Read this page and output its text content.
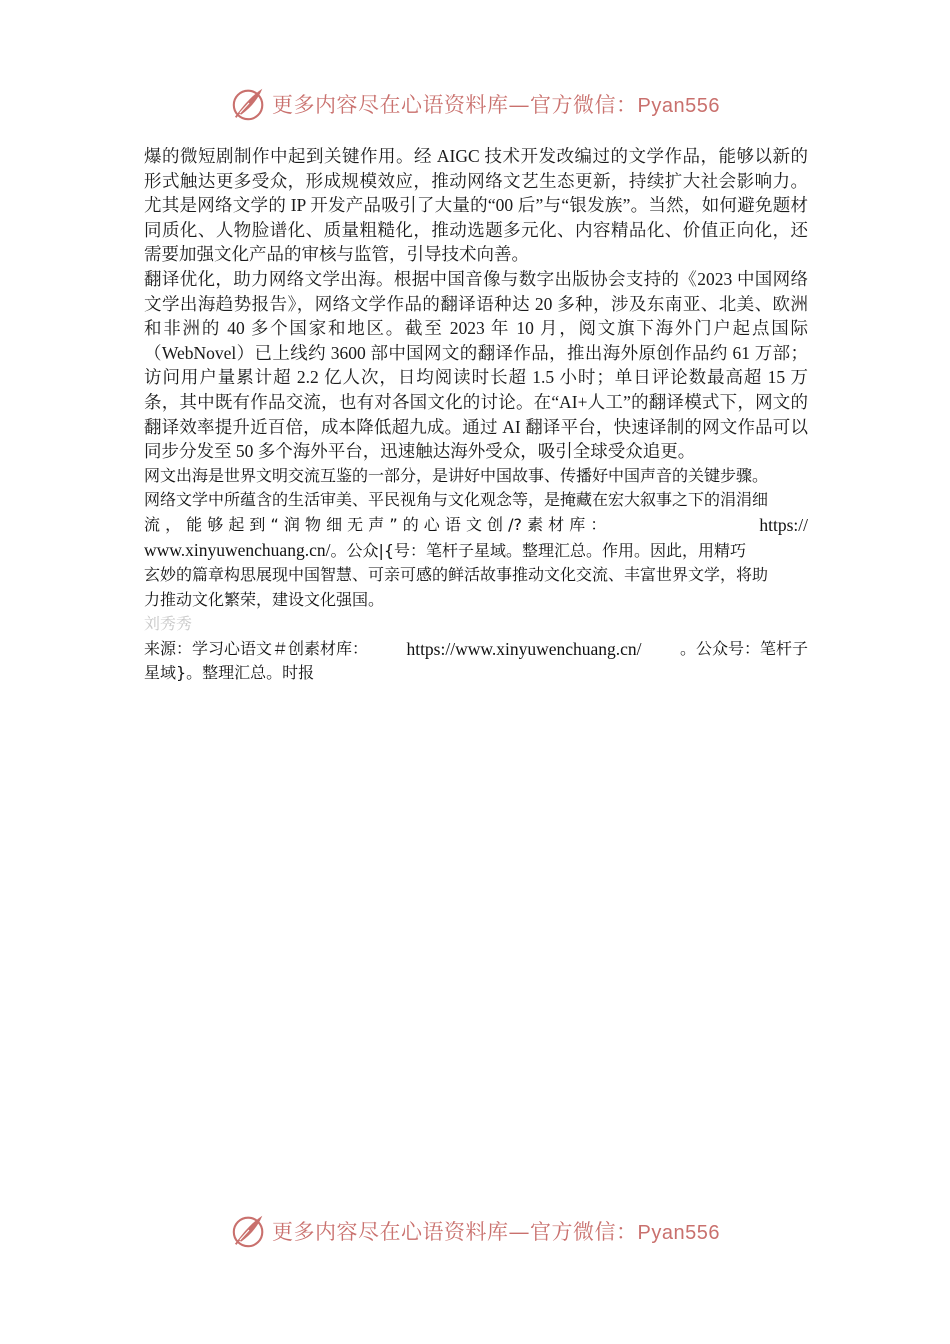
更多内容尽在心语资料库—官方微信：Pyan556

爆的微短剧制作中起到关键作用。经 AIGC 技术开发改编过的文学作品，能够以新的形式触达更多受众，形成规模效应，推动网络文艺生态更新，持续扩大社会影响力。尤其是网络文学的 IP 开发产品吸引了大量的“00 后”与“银发族”。当然，如何避免题材同质化、人物脸谱化、质量粗糙化，推动选题多元化、内容精品化、价值正向化，还需要加强文化产品的审核与监管，引导技术向善。

翻译优化，助力网络文学出海。根据中国音像与数字出版协会支持的《2023 中国网络文学出海趋势报告》，网络文学作品的翻译语种达 20 多种，涉及东南亚、北美、欧洲和非洲的 40 多个国家和地区。截至 2023 年 10 月，阅文旗下海外门户起点国际（WebNovel）已上线约 3600 部中国网文的翻译作品，推出海外原创作品约 61 万部；访问用户量累计超 2.2 亿人次，日均阅读时长超 1.5 小时；单日评论数最高超 15 万条，其中既有作品交流，也有对各国文化的讨论。在“AI+人工”的翻译模式下，网文的翻译效率提升近百倍，成本降低超九成。通过 AI 翻译平台，快速译制的网文作品可以同步分发至 50 多个海外平台，迅速触达海外受众，吸引全球受众追更。

网文出海是世界文明交流互鉴的一部分，是讲好中国故事、传播好中国声音的关键步骤。

网络文学中所蕴含的生活审美、平民视角与文化观念等，是掩藏在宏大叙事之下的涓涓细

流 ， 能 够 起 到 “ 润 物 细 无 声 ” 的 心 语 文 创 /? 素 材 库 ：	https://

www.xinyuwenchuang.cn/。公众|{号：笔杆子星域。整理汇总。作用。因此，用精巧

玄妙的篇章构思展现中国智慧、可亲可感的鲜活故事推动文化交流、丰富世界文学，将助

力推动文化繁荣，建设文化强国。

刘秀秀

来源：学习心语文＃创素材库： https://www.xinyuwenchuang.cn/ 。公众号：笔杆子

星域}。整理汇总。时报

更多内容尽在心语资料库—官方微信：Pyan556
